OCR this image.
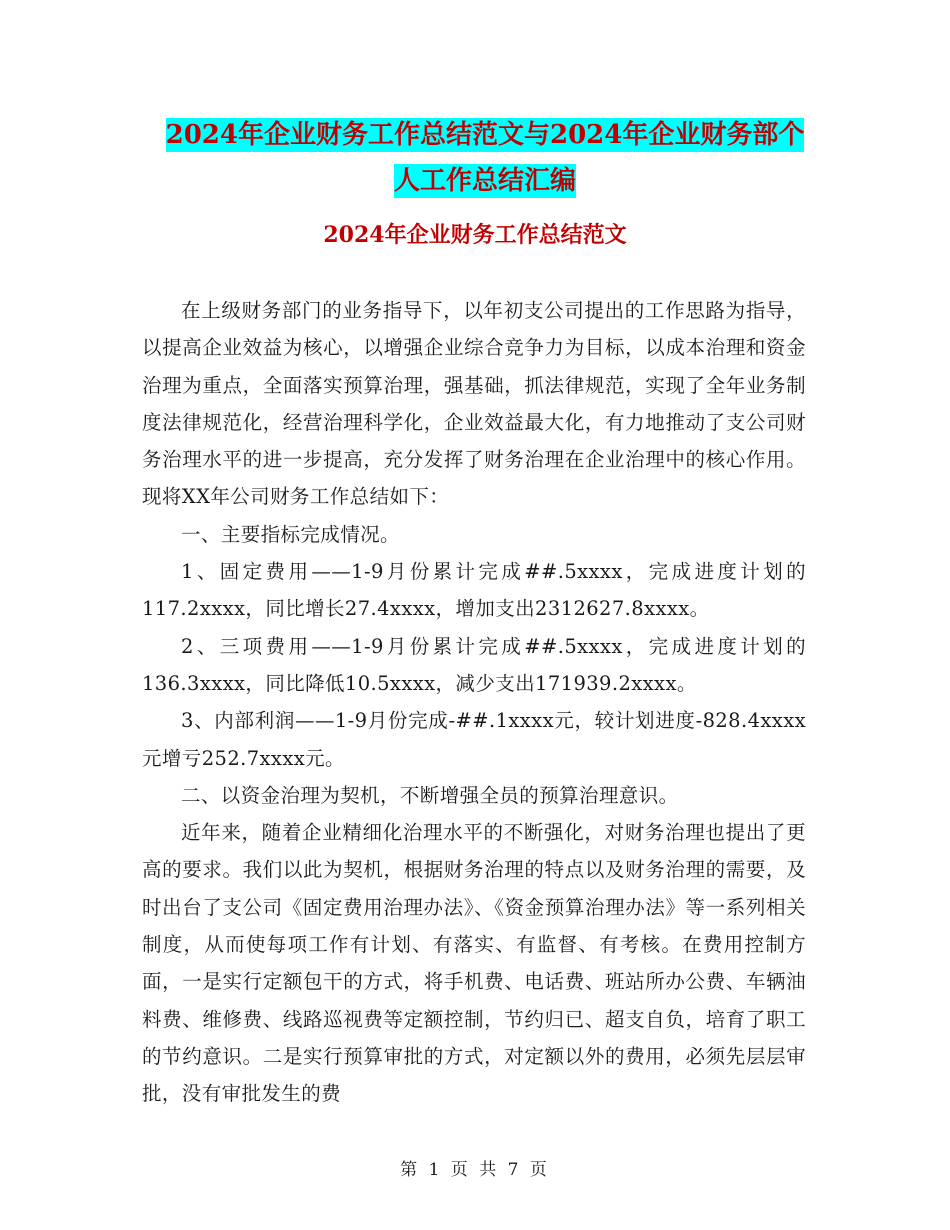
2024年企业财务工作总结范文与2024年企业财务部个
人工作总结汇编
2024年企业财务工作总结范文

在上级财务部门的业务指导下，以年初支公司提出的工作思路为指导，以提高企业效益为核心，以增强企业综合竞争力为目标，以成本治理和资金治理为重点，全面落实预算治理，强基础，抓法律规范，实现了全年业务制度法律规范化，经营治理科学化，企业效益最大化，有力地推动了支公司财务治理水平的进一步提高，充分发挥了财务治理在企业治理中的核心作用。现将XX年公司财务工作总结如下：

一、主要指标完成情况。

1、固定费用——1-9月份累计完成##.5xxxx，完成进度计划的117.2xxxx，同比增长27.4xxxx，增加支出2312627.8xxxx。

2、三项费用——1-9月份累计完成##.5xxxx，完成进度计划的136.3xxxx，同比降低10.5xxxx，减少支出171939.2xxxx。

3、内部利润——1-9月份完成-##.1xxxx元，较计划进度-828.4xxxx元增亏252.7xxxx元。

二、以资金治理为契机，不断增强全员的预算治理意识。

近年来，随着企业精细化治理水平的不断强化，对财务治理也提出了更高的要求。我们以此为契机，根据财务治理的特点以及财务治理的需要，及时出台了支公司《固定费用治理办法》、《资金预算治理办法》等一系列相关制度，从而使每项工作有计划、有落实、有监督、有考核。在费用控制方面，一是实行定额包干的方式，将手机费、电话费、班站所办公费、车辆油料费、维修费、线路巡视费等定额控制，节约归已、超支自负，培育了职工的节约意识。二是实行预算审批的方式，对定额以外的费用，必须先层层审批，没有审批发生的费

第 1 页 共 7 页
